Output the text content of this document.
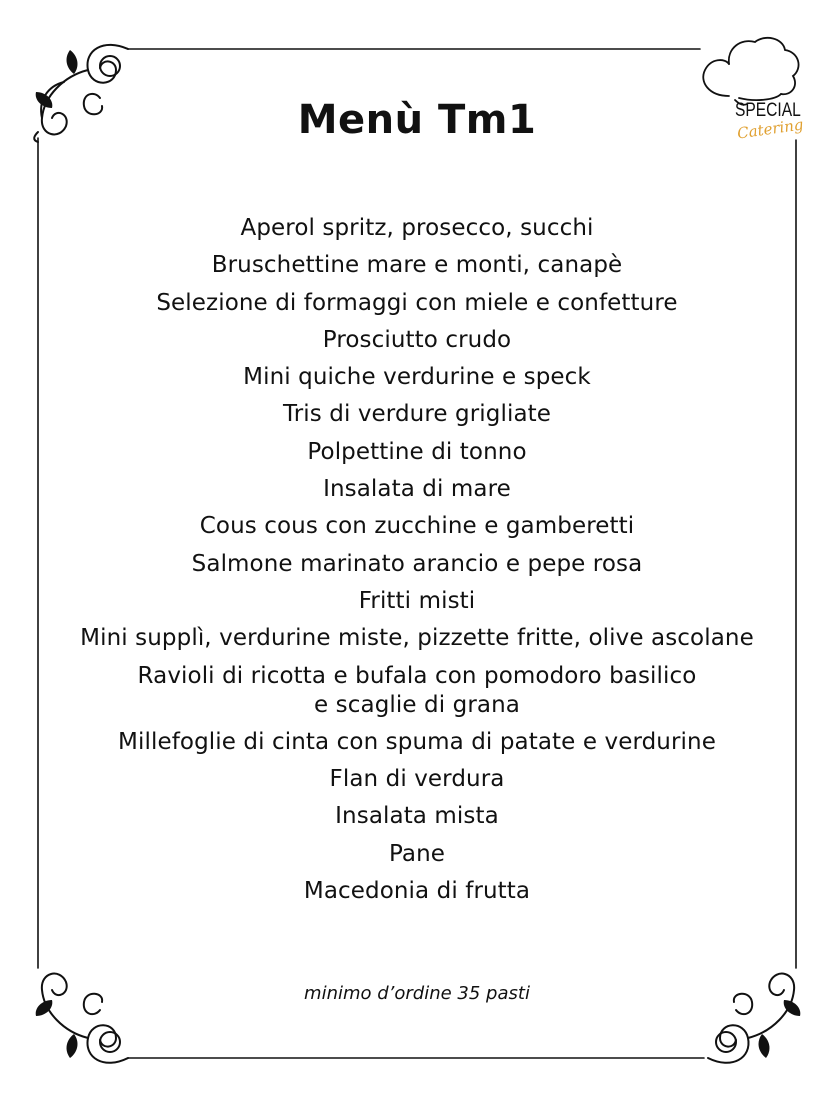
SPECIAL
Catering
Menù Tm1
Aperol spritz, prosecco, succhi
Bruschettine mare e monti, canapè
Selezione di formaggi con miele e confetture
Prosciutto crudo
Mini quiche verdurine e speck
Tris di verdure grigliate
Polpettine di tonno
Insalata di mare
Cous cous con zucchine e gamberetti
Salmone marinato arancio e pepe rosa
Fritti misti
Mini supplì, verdurine miste, pizzette fritte, olive ascolane
Ravioli di ricotta e bufala con pomodoro basilico
e scaglie di grana
Millefoglie di cinta con spuma di patate e verdurine
Flan di verdura
Insalata mista
Pane
Macedonia di frutta
minimo d’ordine 35 pasti
